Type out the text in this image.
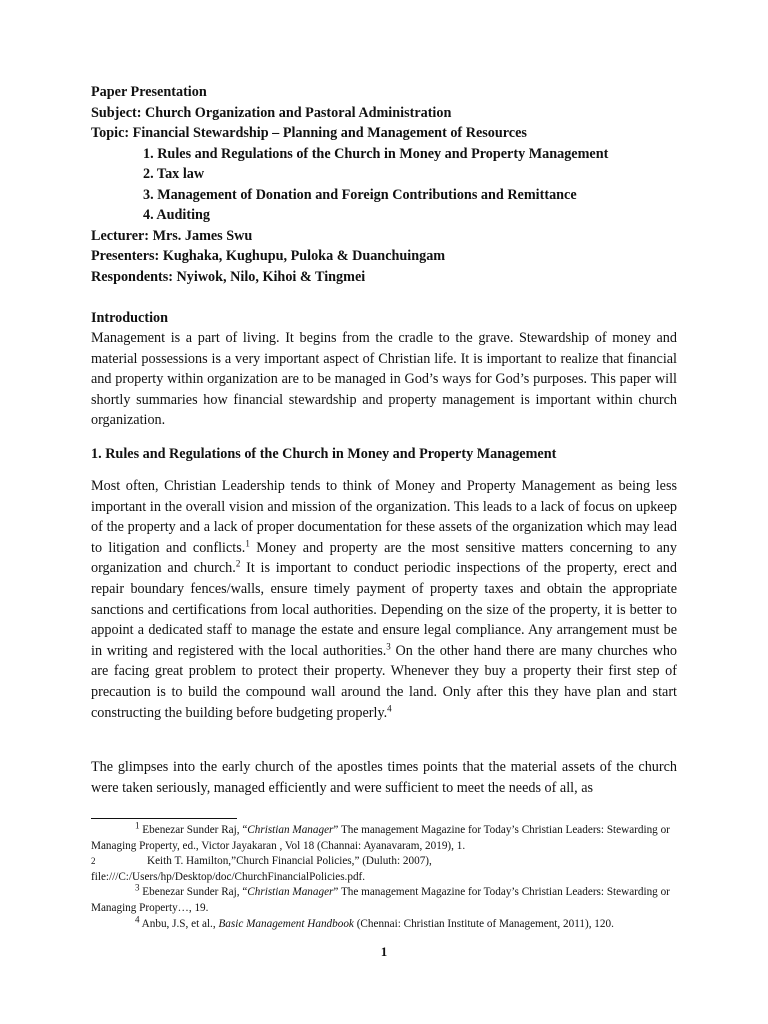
Paper Presentation
Subject: Church Organization and Pastoral Administration
Topic: Financial Stewardship – Planning and Management of Resources
1. Rules and Regulations of the Church in Money and Property Management
2. Tax law
3. Management of Donation and Foreign Contributions and Remittance
4. Auditing
Lecturer: Mrs. James Swu
Presenters: Kughaka, Kughupu, Puloka & Duanchuingam
Respondents: Nyiwok, Nilo, Kihoi & Tingmei
Introduction

Management is a part of living. It begins from the cradle to the grave. Stewardship of money and material possessions is a very important aspect of Christian life. It is important to realize that financial and property within organization are to be managed in God’s ways for God’s purposes. This paper will shortly summaries how financial stewardship and property management is important within church organization.

1. Rules and Regulations of the Church in Money and Property Management

Most often, Christian Leadership tends to think of Money and Property Management as being less important in the overall vision and mission of the organization. This leads to a lack of focus on upkeep of the property and a lack of proper documentation for these assets of the organization which may lead to litigation and conflicts.$^1$ Money and property are the most sensitive matters concerning to any organization and church.$^2$ It is important to conduct periodic inspections of the property, erect and repair boundary fences/walls, ensure timely payment of property taxes and obtain the appropriate sanctions and certifications from local authorities. Depending on the size of the property, it is better to appoint a dedicated staff to manage the estate and ensure legal compliance. Any arrangement must be in writing and registered with the local authorities.$^3$ On the other hand there are many churches who are facing great problem to protect their property. Whenever they buy a property their first step of precaution is to build the compound wall around the land. Only after this they have plan and start constructing the building before budgeting properly.$^4$

The glimpses into the early church of the apostles times points that the material assets of the church were taken seriously, managed efficiently and were sufficient to meet the needs of all, as

$^1$ Ebenezar Sunder Raj, “Christian Manager” The management Magazine for Today’s Christian Leaders: Stewarding or Managing Property, ed., Victor Jayakaran , Vol 18 (Channai: Ayanavaram, 2019), 1.

2	Keith T. Hamilton,”Church Financial Policies,” (Duluth: 2007),
file:///C:/Users/hp/Desktop/doc/ChurchFinancialPolicies.pdf.

$^3$ Ebenezar Sunder Raj, “Christian Manager” The management Magazine for Today’s Christian Leaders: Stewarding or Managing Property…, 19.

$^4$ Anbu, J.S, et al., Basic Management Handbook (Chennai: Christian Institute of Management, 2011), 120.

1
